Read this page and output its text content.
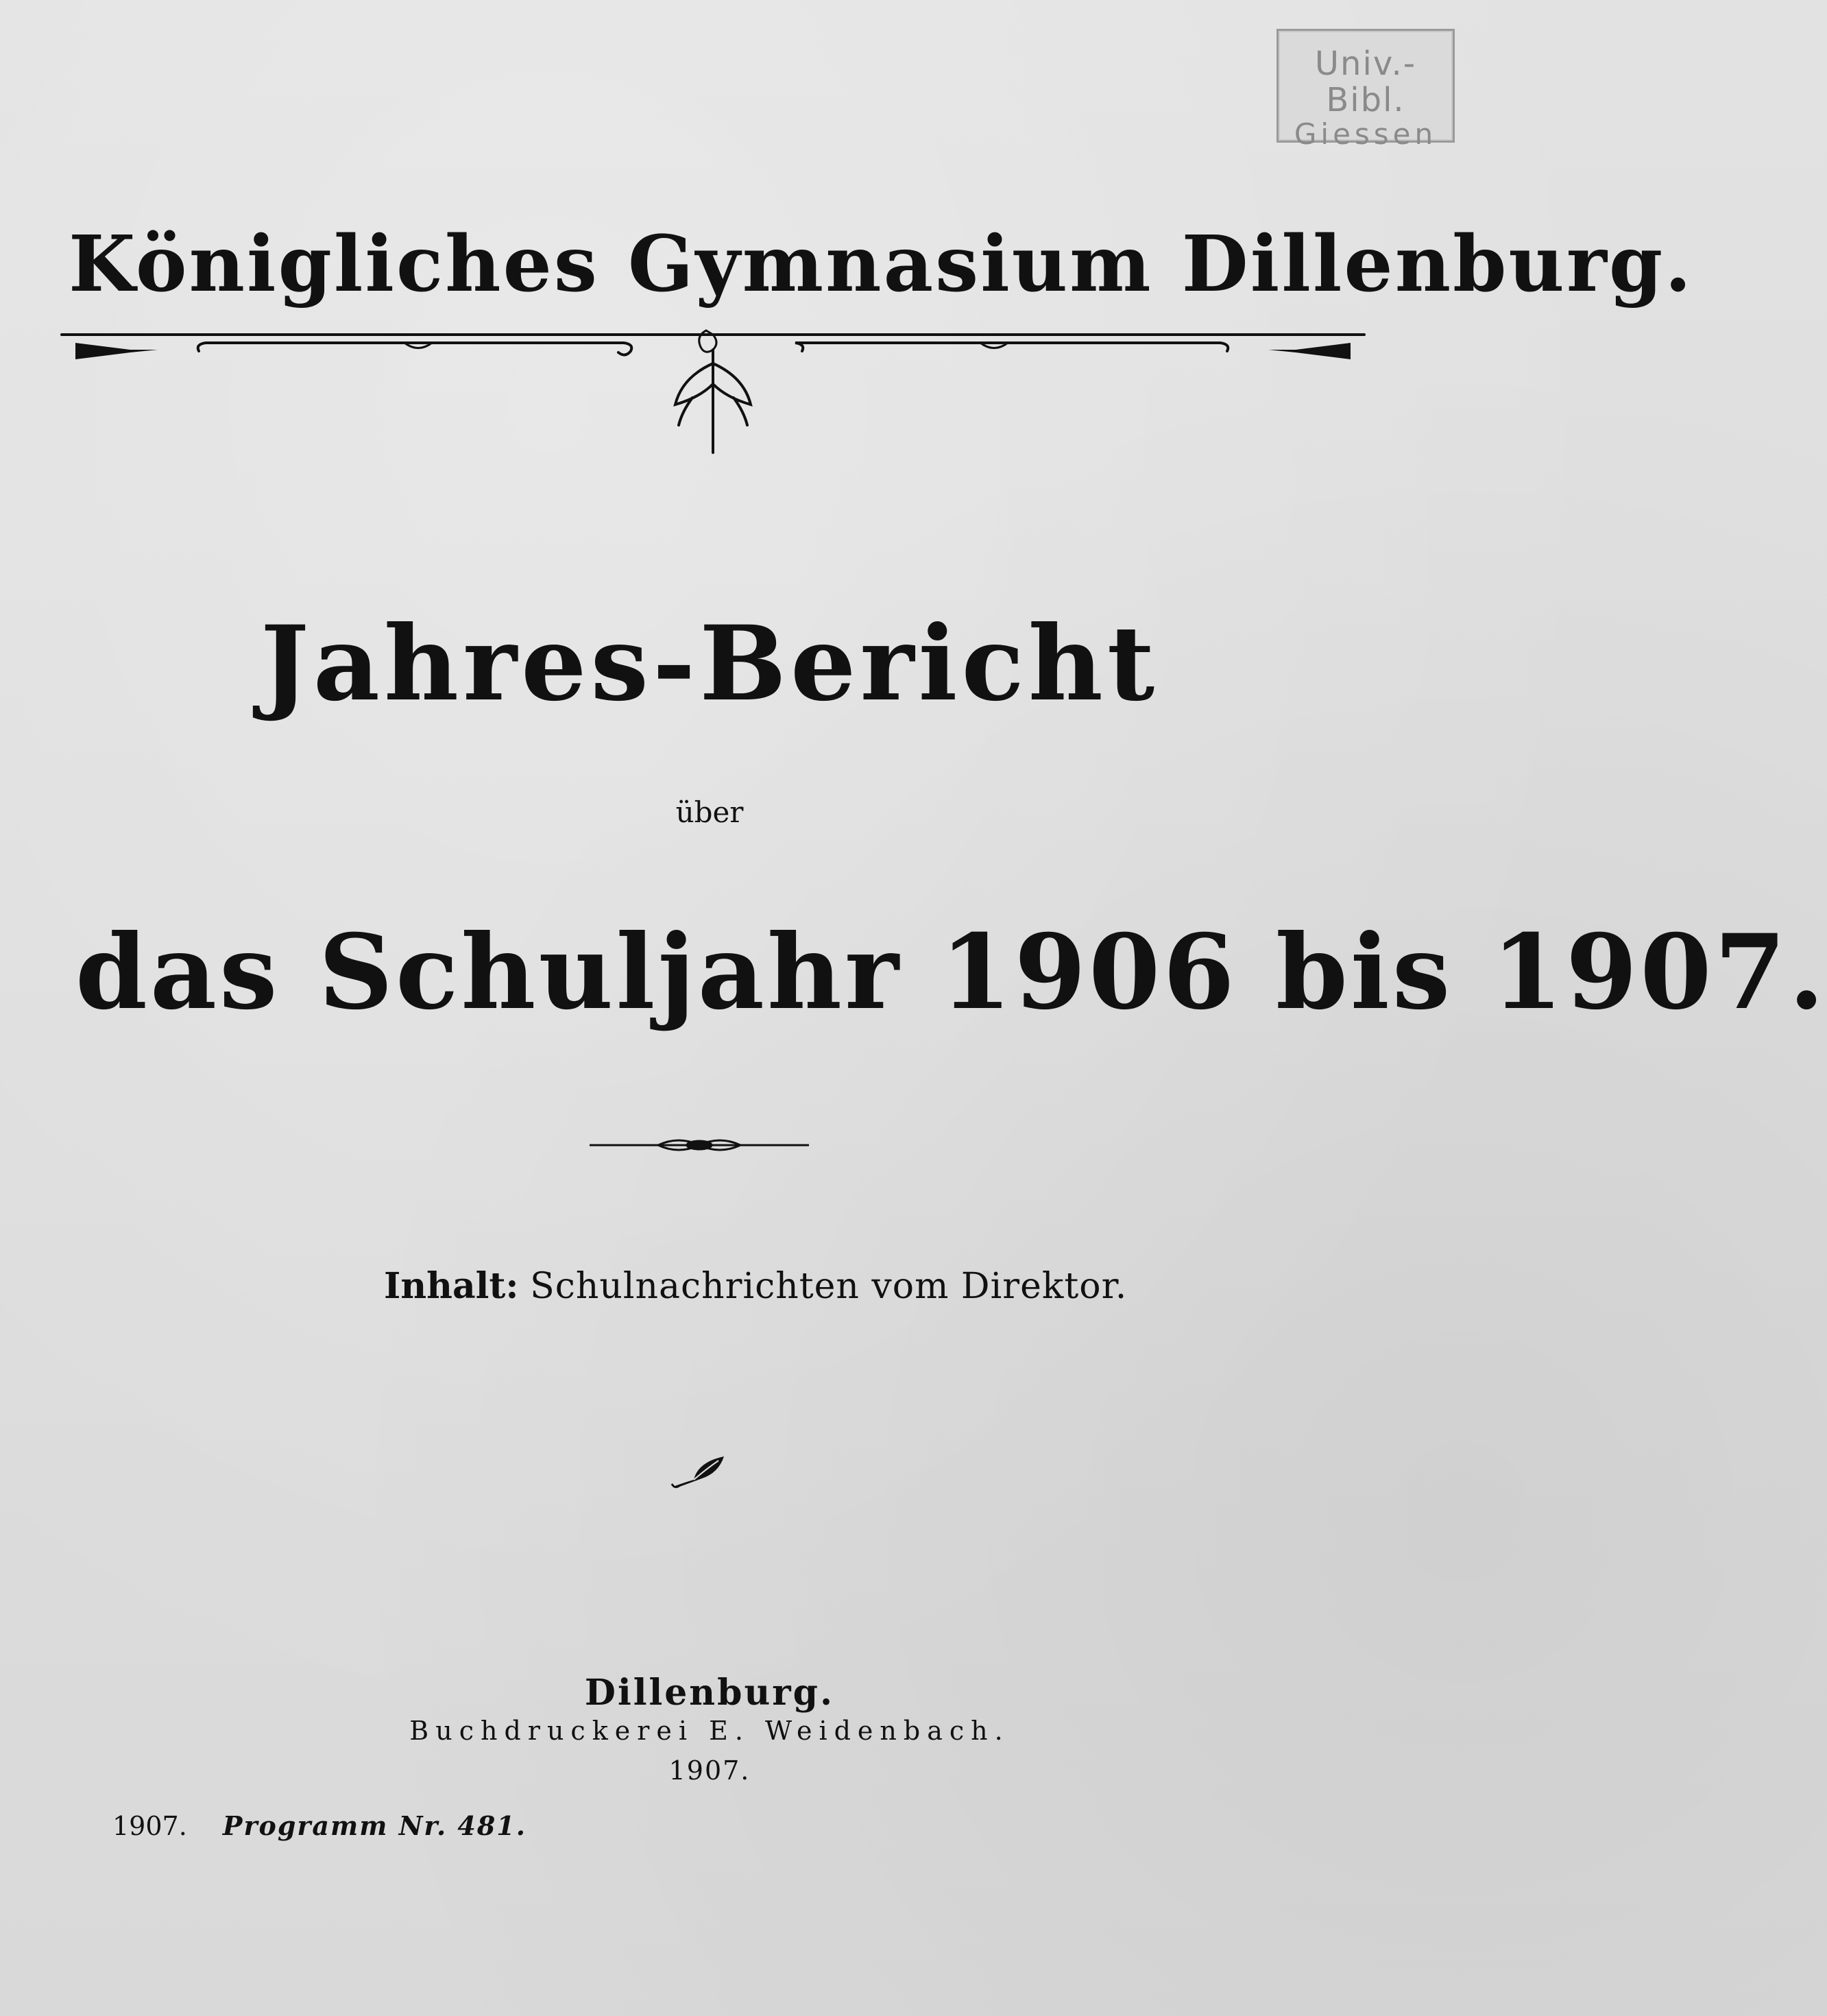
Univ.-Bibl.
Giessen
Königliches Gymnasium Dillenburg.
Jahres-Bericht
über
das Schuljahr 1906 bis 1907.
Inhalt: Schulnachrichten vom Direktor.
Dillenburg.
Buchdruckerei E. Weidenbach.
1907.
1907. Programm Nr. 481.
